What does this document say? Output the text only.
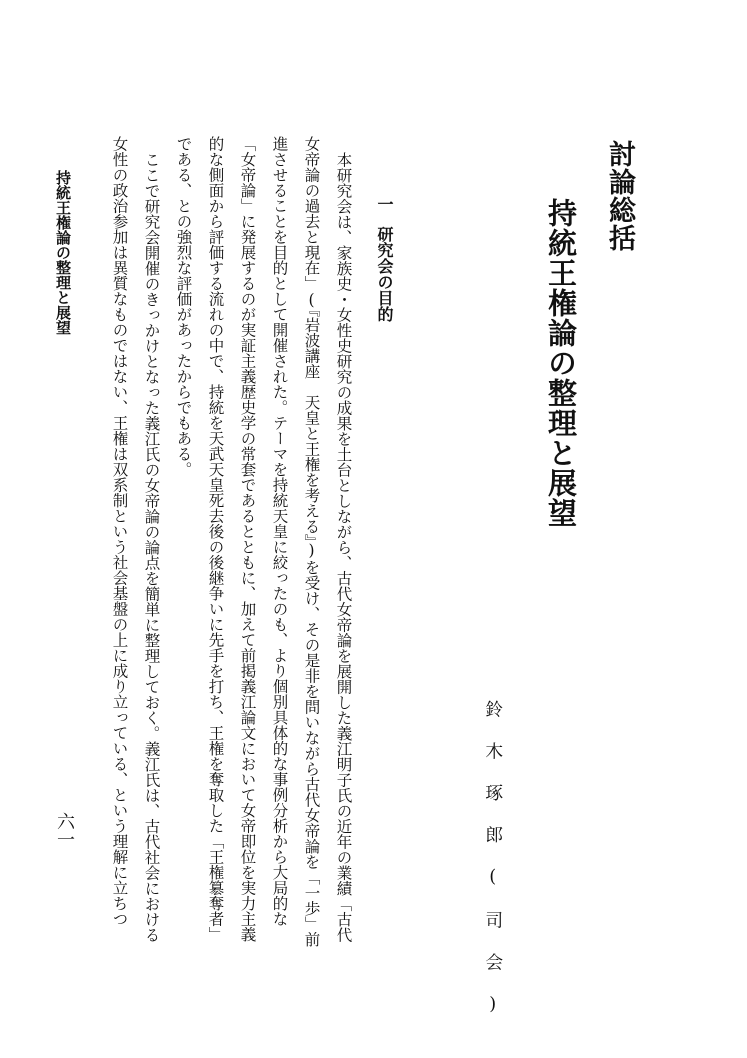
討論総括
持統王権論の整理と展望
鈴木琢郎(司会)
一研究会の目的
本研究会は、家族史・女性史研究の成果を土台としながら、古代女帝論を展開した義江明子氏の近年の業績「古代
女帝論の過去と現在」(『岩波講座　天皇と王権を考える』)を受け、その是非を問いながら古代女帝論を「一歩」前
進させることを目的として開催された。テーマを持統天皇に絞ったのも、より個別具体的な事例分析から大局的な
「女帝論」に発展するのが実証主義歴史学の常套であるとともに、加えて前掲義江論文において女帝即位を実力主義
的な側面から評価する流れの中で、持統を天武天皇死去後の後継争いに先手を打ち、王権を奪取した「王権簒奪者」
である、との強烈な評価があったからでもある。
ここで研究会開催のきっかけとなった義江氏の女帝論の論点を簡単に整理しておく。義江氏は、古代社会における
女性の政治参加は異質なものではない、王権は双系制という社会基盤の上に成り立っている、という理解に立ちつ
持統王権論の整理と展望
六一
